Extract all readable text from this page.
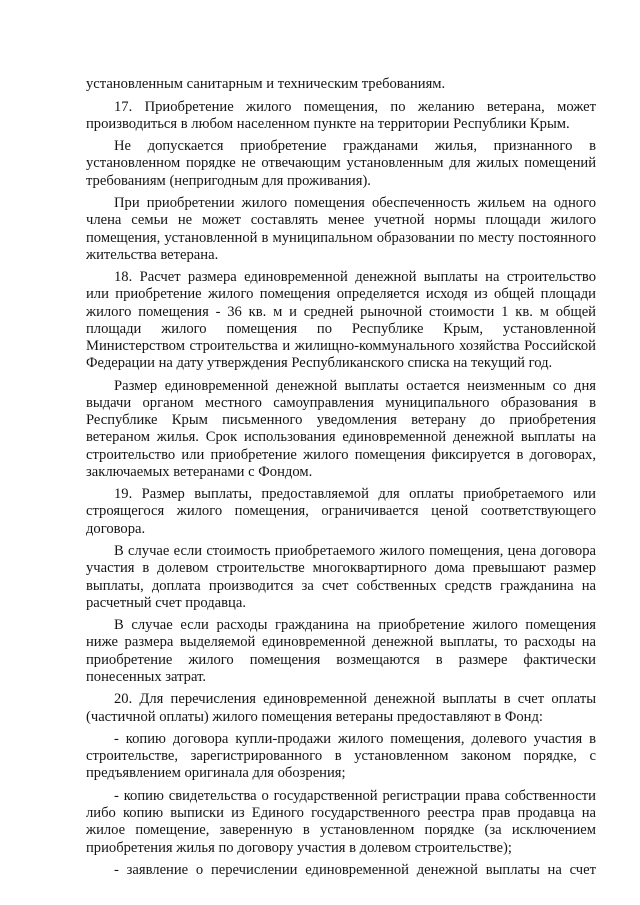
установленным санитарным и техническим требованиям.

17. Приобретение жилого помещения, по желанию ветерана, может производиться в любом населенном пункте на территории Республики Крым.

Не допускается приобретение гражданами жилья, признанного в установленном порядке не отвечающим установленным для жилых помещений требованиям (непригодным для проживания).

При приобретении жилого помещения обеспеченность жильем на одного члена семьи не может составлять менее учетной нормы площади жилого помещения, установленной в муниципальном образовании по месту постоянного жительства ветерана.

18. Расчет размера единовременной денежной выплаты на строительство или приобретение жилого помещения определяется исходя из общей площади жилого помещения - 36 кв. м и средней рыночной стоимости 1 кв. м общей площади жилого помещения по Республике Крым, установленной Министерством строительства и жилищно-коммунального хозяйства Российской Федерации на дату утверждения Республиканского списка на текущий год.

Размер единовременной денежной выплаты остается неизменным со дня выдачи органом местного самоуправления муниципального образования в Республике Крым письменного уведомления ветерану до приобретения ветераном жилья. Срок использования единовременной денежной выплаты на строительство или приобретение жилого помещения фиксируется в договорах, заключаемых ветеранами с Фондом.

19. Размер выплаты, предоставляемой для оплаты приобретаемого или строящегося жилого помещения, ограничивается ценой соответствующего договора.

В случае если стоимость приобретаемого жилого помещения, цена договора участия в долевом строительстве многоквартирного дома превышают размер выплаты, доплата производится за счет собственных средств гражданина на расчетный счет продавца.

В случае если расходы гражданина на приобретение жилого помещения ниже размера выделяемой единовременной денежной выплаты, то расходы на приобретение жилого помещения возмещаются в размере фактически понесенных затрат.

20. Для перечисления единовременной денежной выплаты в счет оплаты (частичной оплаты) жилого помещения ветераны предоставляют в Фонд:

- копию договора купли-продажи жилого помещения, долевого участия в строительстве, зарегистрированного в установленном законом порядке, с предъявлением оригинала для обозрения;

- копию свидетельства о государственной регистрации права собственности либо копию выписки из Единого государственного реестра прав продавца на жилое помещение, заверенную в установленном порядке (за исключением приобретения жилья по договору участия в долевом строительстве);

- заявление о перечислении единовременной денежной выплаты на счет
